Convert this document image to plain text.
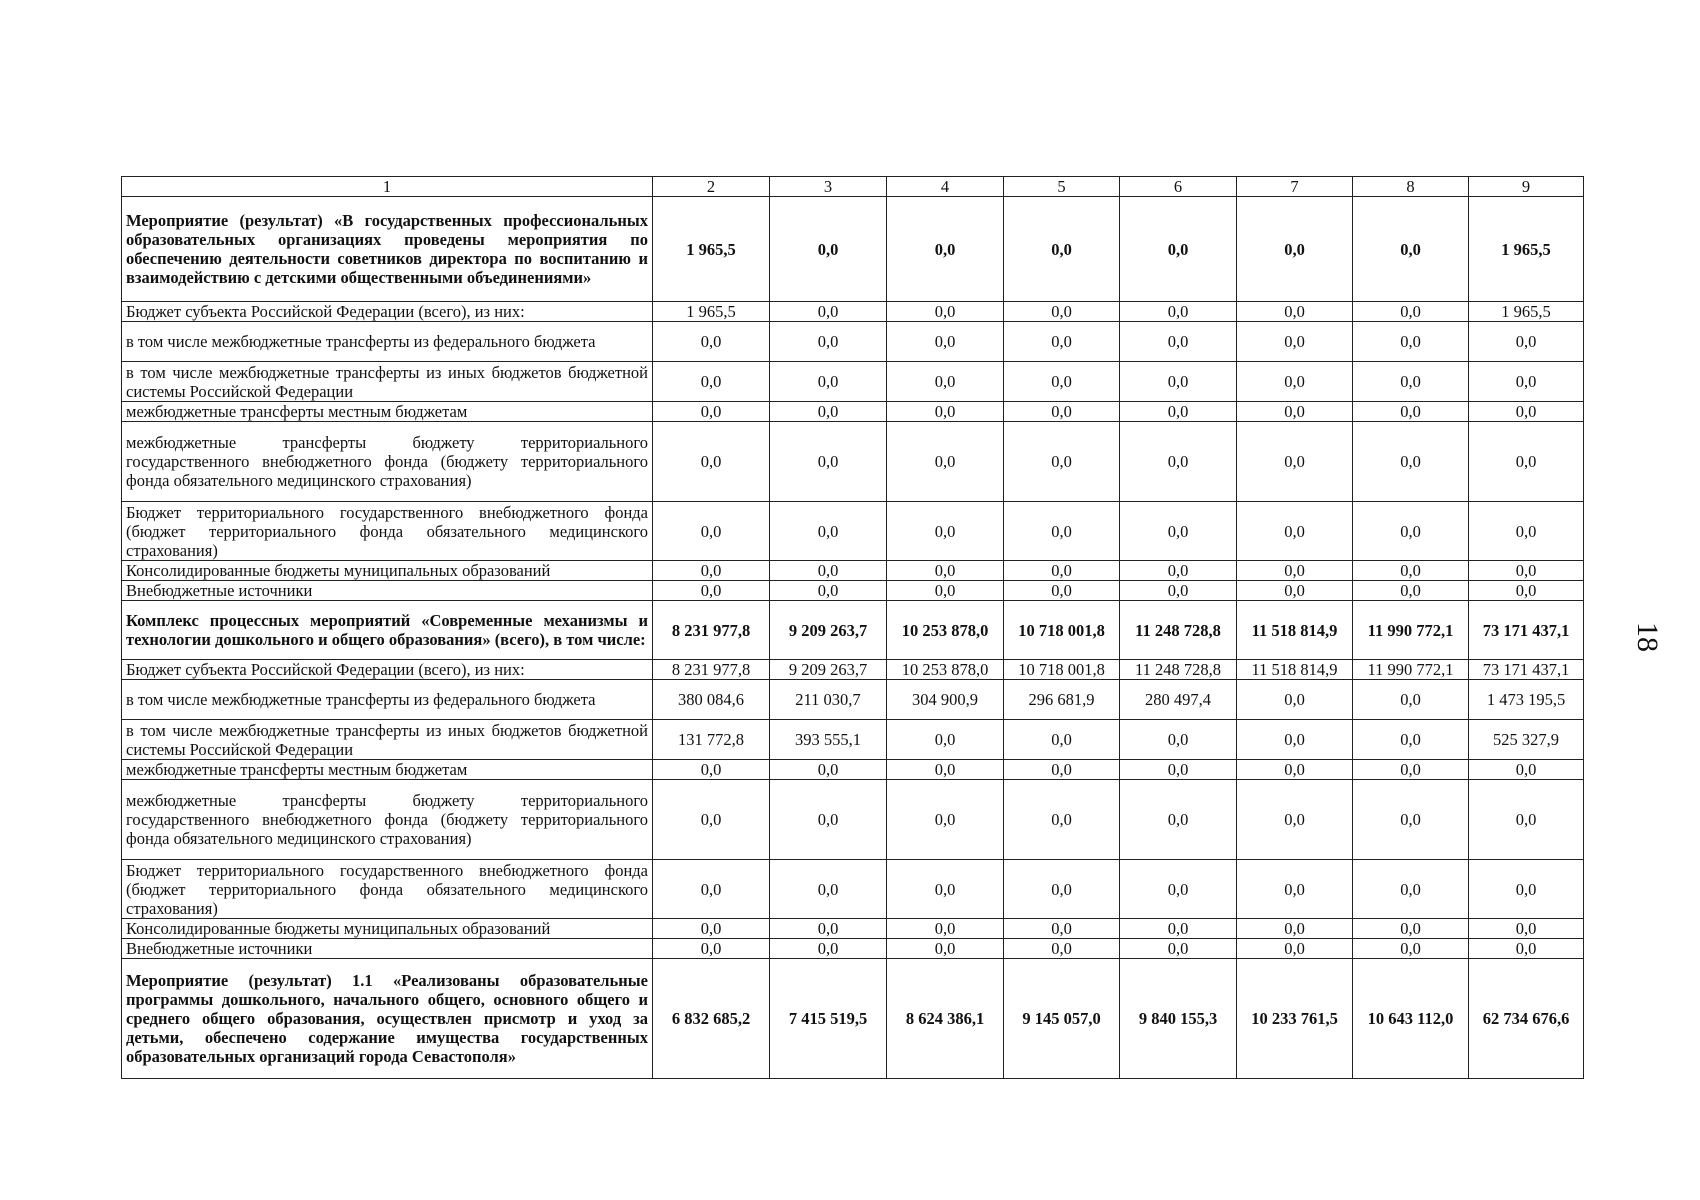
18
1	2	3	4	5	6	7	8	9
Мероприятие (результат) «В государственных профессиональных образовательных организациях проведены мероприятия по обеспечению деятельности советников директора по воспитанию и взаимодействию с детскими общественными объединениями»	1 965,5	0,0	0,0	0,0	0,0	0,0	0,0	1 965,5
Бюджет субъекта Российской Федерации (всего), из них:	1 965,5	0,0	0,0	0,0	0,0	0,0	0,0	1 965,5
в том числе межбюджетные трансферты из федерального бюджета	0,0	0,0	0,0	0,0	0,0	0,0	0,0	0,0
в том числе межбюджетные трансферты из иных бюджетов бюджетной системы Российской Федерации	0,0	0,0	0,0	0,0	0,0	0,0	0,0	0,0
межбюджетные трансферты местным бюджетам	0,0	0,0	0,0	0,0	0,0	0,0	0,0	0,0
межбюджетные трансферты бюджету территориального государственного внебюджетного фонда (бюджету территориального фонда обязательного медицинского страхования)	0,0	0,0	0,0	0,0	0,0	0,0	0,0	0,0
Бюджет территориального государственного внебюджетного фонда (бюджет территориального фонда обязательного медицинского страхования)	0,0	0,0	0,0	0,0	0,0	0,0	0,0	0,0
Консолидированные бюджеты муниципальных образований	0,0	0,0	0,0	0,0	0,0	0,0	0,0	0,0
Внебюджетные источники	0,0	0,0	0,0	0,0	0,0	0,0	0,0	0,0
Комплекс процессных мероприятий «Современные механизмы и технологии дошкольного и общего образования» (всего), в том числе:	8 231 977,8	9 209 263,7	10 253 878,0	10 718 001,8	11 248 728,8	11 518 814,9	11 990 772,1	73 171 437,1
Бюджет субъекта Российской Федерации (всего), из них:	8 231 977,8	9 209 263,7	10 253 878,0	10 718 001,8	11 248 728,8	11 518 814,9	11 990 772,1	73 171 437,1
в том числе межбюджетные трансферты из федерального бюджета	380 084,6	211 030,7	304 900,9	296 681,9	280 497,4	0,0	0,0	1 473 195,5
в том числе межбюджетные трансферты из иных бюджетов бюджетной системы Российской Федерации	131 772,8	393 555,1	0,0	0,0	0,0	0,0	0,0	525 327,9
межбюджетные трансферты местным бюджетам	0,0	0,0	0,0	0,0	0,0	0,0	0,0	0,0
межбюджетные трансферты бюджету территориального государственного внебюджетного фонда (бюджету территориального фонда обязательного медицинского страхования)	0,0	0,0	0,0	0,0	0,0	0,0	0,0	0,0
Бюджет территориального государственного внебюджетного фонда (бюджет территориального фонда обязательного медицинского страхования)	0,0	0,0	0,0	0,0	0,0	0,0	0,0	0,0
Консолидированные бюджеты муниципальных образований	0,0	0,0	0,0	0,0	0,0	0,0	0,0	0,0
Внебюджетные источники	0,0	0,0	0,0	0,0	0,0	0,0	0,0	0,0
Мероприятие (результат) 1.1 «Реализованы образовательные программы дошкольного, начального общего, основного общего и среднего общего образования, осуществлен присмотр и уход за детьми, обеспечено содержание имущества государственных образовательных организаций города Севастополя»	6 832 685,2	7 415 519,5	8 624 386,1	9 145 057,0	9 840 155,3	10 233 761,5	10 643 112,0	62 734 676,6
